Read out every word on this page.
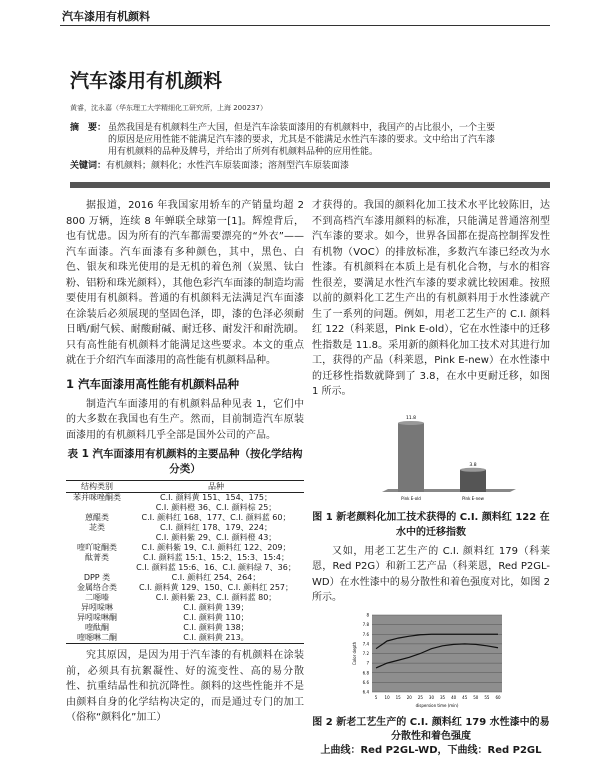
汽车漆用有机颜料
汽车漆用有机颜料
黄睿，沈永嘉（华东理工大学精细化工研究所，上海 200237）
摘　要： 虽然我国是有机颜料生产大国，但是汽车涂装面漆用的有机颜料中，我国产的占比很小，一个主要
的原因是应用性能不能满足汽车漆的要求，尤其是不能满足水性汽车漆的要求。文中给出了汽车漆
用有机颜料的品种及牌号，并给出了所列有机颜料品种的应用性能。
关键词：有机颜料；颜料化；水性汽车原装面漆；溶剂型汽车原装面漆

据报道，2016 年我国家用轿车的产销量均超 2 800 万辆，连续 8 年蝉联全球第一[1]。辉煌背后，也有忧患。因为所有的汽车都需要漂亮的“外衣”——汽车面漆。汽车面漆有多种颜色，其中，黑色、白色、银灰和珠光使用的是无机的着色剂（炭黑、钛白粉、铝粉和珠光颜料），其他色彩汽车面漆的制造均需要使用有机颜料。普通的有机颜料无法满足汽车面漆在涂装后必须展现的坚固色泽，即，漆的色泽必须耐日晒/耐气候、耐酸耐碱、耐迁移、耐发汗和耐洗刷。只有高性能有机颜料才能满足这些要求。本文的重点就在于介绍汽车面漆用的高性能有机颜料品种。

1 汽车面漆用高性能有机颜料品种

制造汽车面漆用的有机颜料品种见表 1，它们中的大多数在我国也有生产。然而，目前制造汽车原装面漆用的有机颜料几乎全部是国外公司的产品。

表 1 汽车面漆用有机颜料的主要品种（按化学结构分类）
结构类别	品种
苯并咪唑酮类	C.I. 颜料黄 151、154、175；
	C.I. 颜料橙 36、C.I. 颜料棕 25；
蒽醌类	C.I. 颜料红 168、177、C.I. 颜料蓝 60；
苝类	C.I. 颜料红 178、179、224；
	C.I. 颜料紫 29、C.I. 颜料橙 43；
喹吖啶酮类	C.I. 颜料紫 19、C.I. 颜料红 122、209；
酞菁类	C.I. 颜料蓝 15:1、15:2、15:3、15:4；
	C.I. 颜料蓝 15:6、16、C.I. 颜料绿 7、36；
DPP 类	C.I. 颜料红 254、264；
金属络合类	C.I. 颜料黄 129、150、C.I. 颜料红 257；
二噁嗪	C.I. 颜料紫 23、C.I. 颜料蓝 80；
异吲哚啉	C.I. 颜料黄 139；
异吲哚啉酮	C.I. 颜料黄 110；
喹酞酮	C.I. 颜料黄 138；
喹噁啉二酮	C.I. 颜料黄 213。

究其原因，是因为用于汽车漆的有机颜料在涂装前，必须具有抗絮凝性、好的流变性、高的易分散性、抗重结晶性和抗沉降性。颜料的这些性能并不是由颜料自身的化学结构决定的，而是通过专门的加工（俗称“颜料化”加工）

才获得的。我国的颜料化加工技术水平比较陈旧，达不到高档汽车漆用颜料的标准，只能满足普通溶剂型汽车漆的要求。如今，世界各国都在提高控制挥发性有机物（VOC）的排放标准，多数汽车漆已经改为水性漆。有机颜料在本质上是有机化合物，与水的相容性很差，要满足水性汽车漆的要求就比较困难。按照以前的颜料化工艺生产出的有机颜料用于水性漆就产生了一系列的问题。例如，用老工艺生产的 C.I. 颜料红 122（科莱恩，Pink E-old），它在水性漆中的迁移性指数是 11.8。采用新的颜料化加工技术对其进行加工，获得的产品（科莱恩，Pink E-new）在水性漆中的迁移性指数就降到了 3.8，在水中更耐迁移，如图 1 所示。

11.8
Pink E-old
3.8
Pink E-new
图 1 新老颜料化加工技术获得的 C.I. 颜料红 122 在水中的迁移指数

又如，用老工艺生产的 C.I. 颜料红 179（科莱恩，Red P2G）和新工艺产品（科莱恩，Red P2GL-WD）在水性漆中的易分散性和着色强度对比，如图 2 所示。

6.4
6.6
6.8
7
7.2
7.4
7.6
7.8
8
5 10 15 20 25 30 35 40 45 50 55 60
dispersion time (min)
Color depth
图 2 新老工艺生产的 C.I. 颜料红 179 水性漆中的易分散性和着色强度
上曲线：Red P2GL-WD，下曲线：Red P2GL
